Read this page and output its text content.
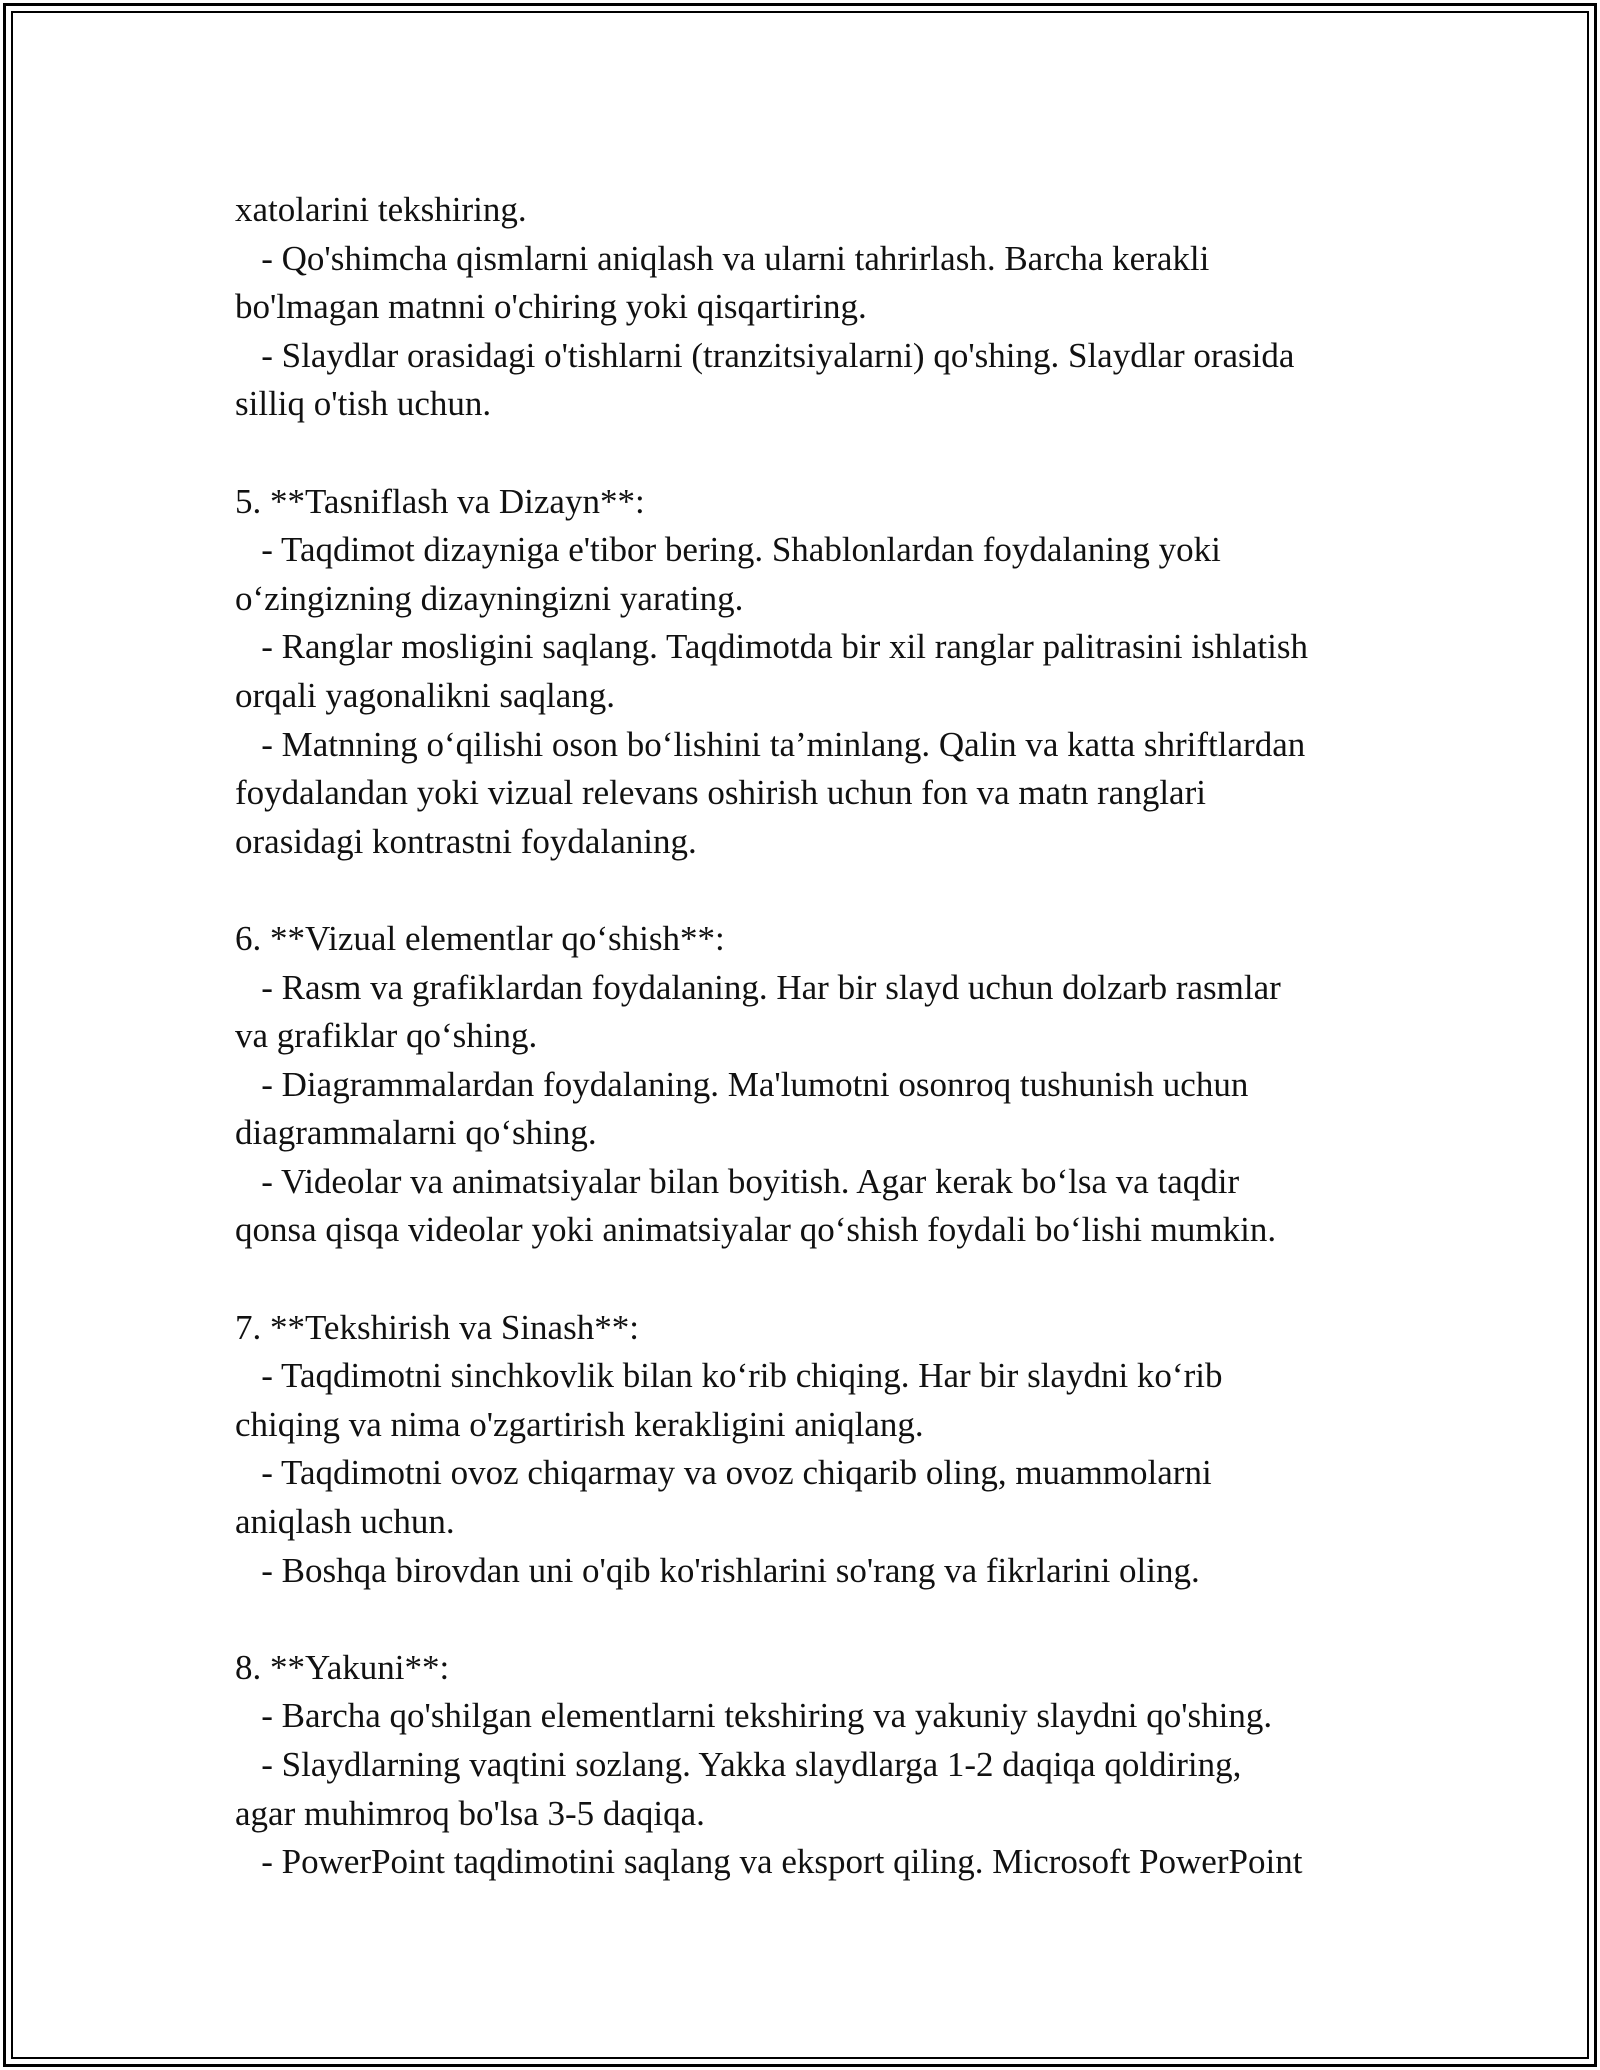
xatolarini tekshiring.
- Qo'shimcha qismlarni aniqlash va ularni tahrirlash. Barcha kerakli
bo'lmagan matnni o'chiring yoki qisqartiring.
- Slaydlar orasidagi o'tishlarni (tranzitsiyalarni) qo'shing. Slaydlar orasida
silliq o'tish uchun.
5. **Tasniflash va Dizayn**:
- Taqdimot dizayniga e'tibor bering. Shablonlardan foydalaning yoki
o‘zingizning dizayningizni yarating.
- Ranglar mosligini saqlang. Taqdimotda bir xil ranglar palitrasini ishlatish
orqali yagonalikni saqlang.
- Matnning o‘qilishi oson bo‘lishini ta’minlang. Qalin va katta shriftlardan
foydalandan yoki vizual relevans oshirish uchun fon va matn ranglari
orasidagi kontrastni foydalaning.
6. **Vizual elementlar qo‘shish**:
- Rasm va grafiklardan foydalaning. Har bir slayd uchun dolzarb rasmlar
va grafiklar qo‘shing.
- Diagrammalardan foydalaning. Ma'lumotni osonroq tushunish uchun
diagrammalarni qo‘shing.
- Videolar va animatsiyalar bilan boyitish. Agar kerak bo‘lsa va taqdir
qonsa qisqa videolar yoki animatsiyalar qo‘shish foydali bo‘lishi mumkin.
7. **Tekshirish va Sinash**:
- Taqdimotni sinchkovlik bilan ko‘rib chiqing. Har bir slaydni ko‘rib
chiqing va nima o'zgartirish kerakligini aniqlang.
- Taqdimotni ovoz chiqarmay va ovoz chiqarib oling, muammolarni
aniqlash uchun.
- Boshqa birovdan uni o'qib ko'rishlarini so'rang va fikrlarini oling.
8. **Yakuni**:
- Barcha qo'shilgan elementlarni tekshiring va yakuniy slaydni qo'shing.
- Slaydlarning vaqtini sozlang. Yakka slaydlarga 1-2 daqiqa qoldiring,
agar muhimroq bo'lsa 3-5 daqiqa.
- PowerPoint taqdimotini saqlang va eksport qiling. Microsoft PowerPoint
